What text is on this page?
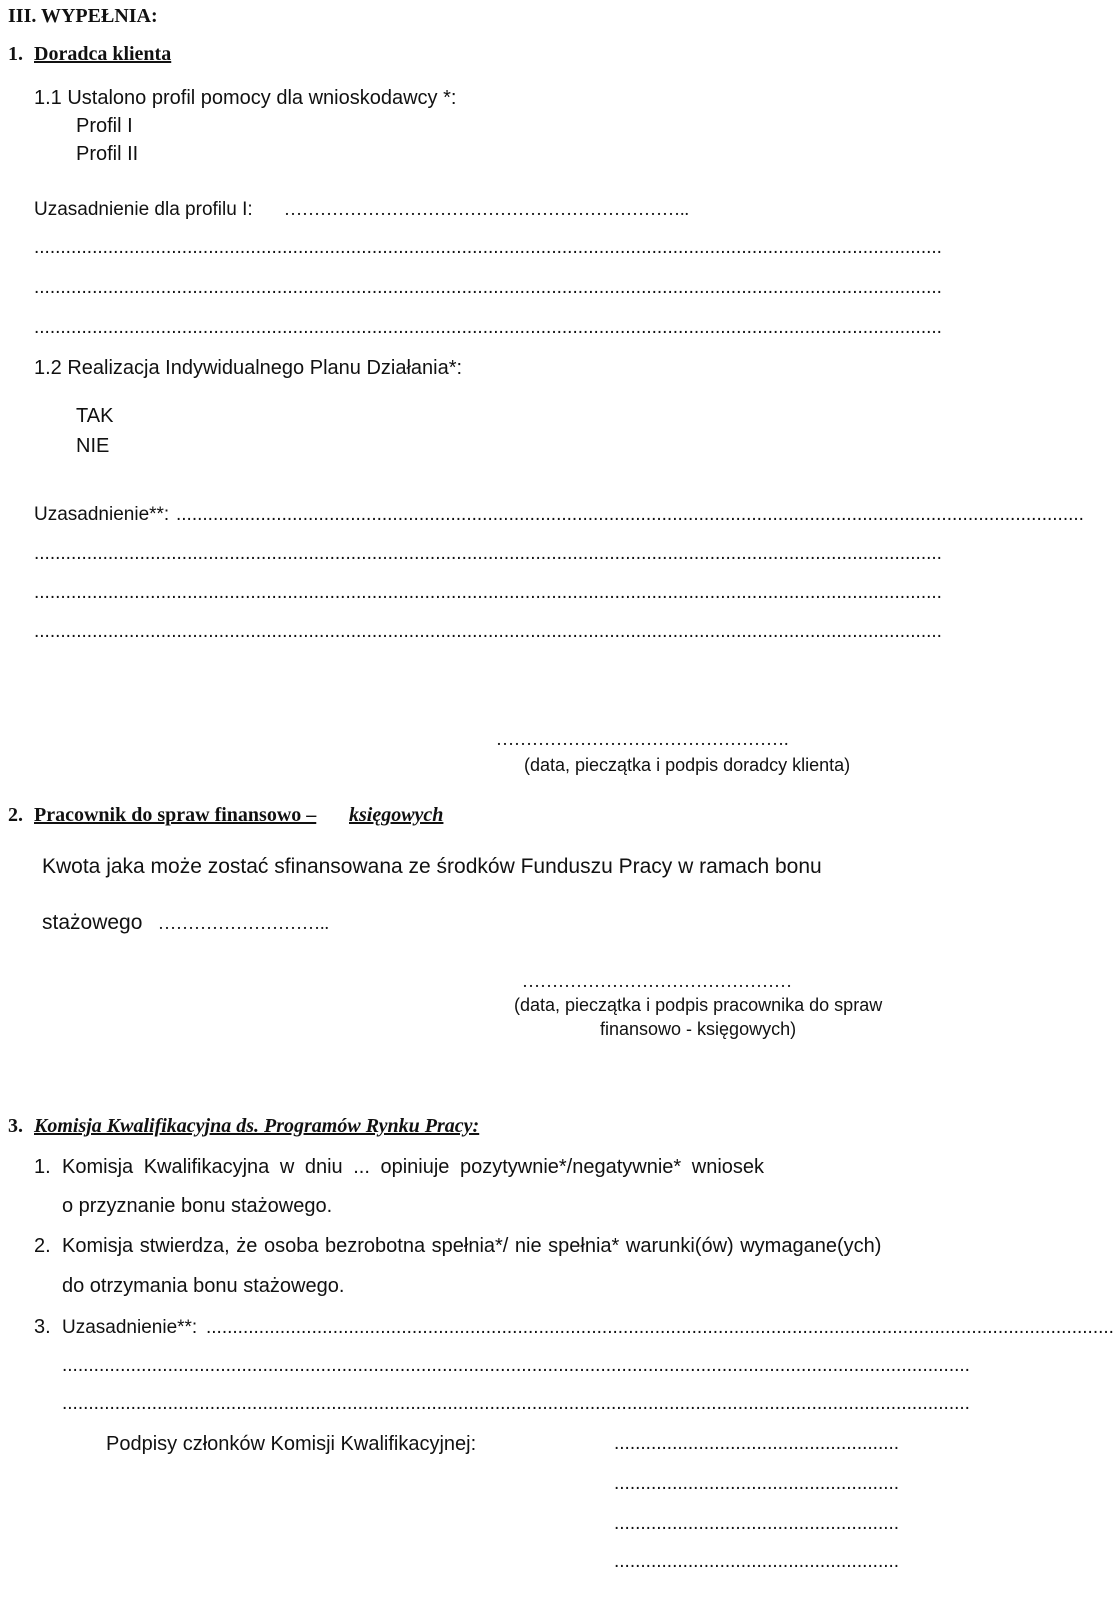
III. WYPEŁNIA:
1. Doradca klienta
1.1 Ustalono profil pomocy dla wnioskodawcy *:
Profil I
Profil II
Uzasadnienie dla profilu I: …………………………………………………………..
............................................................................................................................................................................
............................................................................................................................................................................
............................................................................................................................................................................
1.2 Realizacja Indywidualnego Planu Działania*:
TAK
NIE
Uzasadnienie**: ............................................................................................................................................................................
............................................................................................................................................................................
............................................................................................................................................................................
............................................................................................................................................................................
………………………………………….
(data, pieczątka i podpis doradcy klienta)
2. Pracownik do spraw finansowo – księgowych
Kwota jaka może zostać sfinansowana ze środków Funduszu Pracy w ramach bonu
stażowego ………………………..
………………………………………
(data, pieczątka i podpis pracownika do spraw
finansowo - księgowych)
3. Komisja Kwalifikacyjna ds. Programów Rynku Pracy:
1. Komisja Kwalifikacyjna w dniu ... opiniuje pozytywnie*/negatywnie* wniosek
o przyznanie bonu stażowego.
2. Komisja stwierdza, że osoba bezrobotna spełnia*/ nie spełnia* warunki(ów) wymagane(ych)
do otrzymania bonu stażowego.
3. Uzasadnienie**: ............................................................................................................................................................................
............................................................................................................................................................................
............................................................................................................................................................................
Podpisy członków Komisji Kwalifikacyjnej:	......................................................
......................................................
......................................................
......................................................
